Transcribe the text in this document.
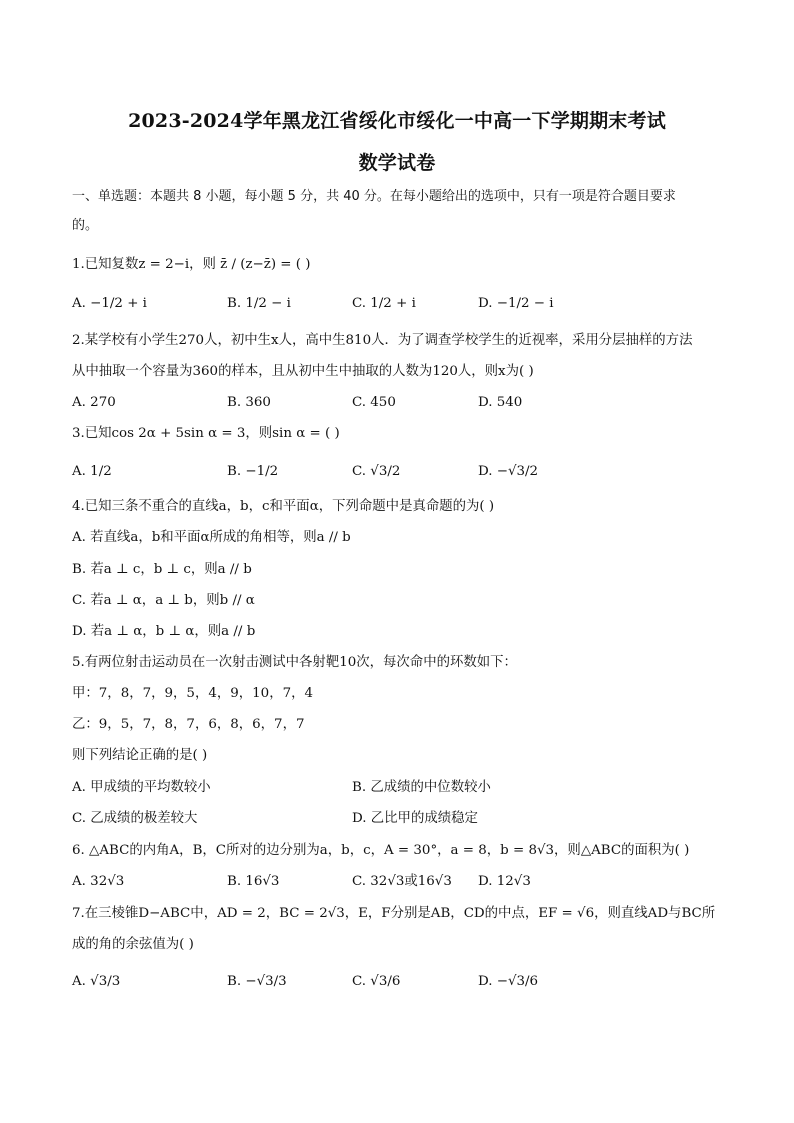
2023-2024学年黑龙江省绥化市绥化一中高一下学期期末考试
数学试卷
一、单选题：本题共 8 小题，每小题 5 分，共 40 分。在每小题给出的选项中，只有一项是符合题目要求
的。
1.已知复数z = 2−i，则 z̄ / (z−z̄) = ( )
A. −1/2 + i	B. 1/2 − i	C. 1/2 + i	D. −1/2 − i
2.某学校有小学生270人，初中生x人，高中生810人．为了调查学校学生的近视率，采用分层抽样的方法
从中抽取一个容量为360的样本，且从初中生中抽取的人数为120人，则x为( )
A. 270	B. 360	C. 450	D. 540
3.已知cos 2α + 5sin α = 3，则sin α = ( )
A. 1/2	B. −1/2	C. √3/2	D. −√3/2
4.已知三条不重合的直线a，b，c和平面α，下列命题中是真命题的为( )
A. 若直线a，b和平面α所成的角相等，则a // b
B. 若a ⊥ c，b ⊥ c，则a // b
C. 若a ⊥ α，a ⊥ b，则b // α
D. 若a ⊥ α，b ⊥ α，则a // b
5.有两位射击运动员在一次射击测试中各射靶10次，每次命中的环数如下：
甲：7，8，7，9，5，4，9，10，7，4
乙：9，5，7，8，7，6，8，6，7，7
则下列结论正确的是( )
A. 甲成绩的平均数较小	B. 乙成绩的中位数较小
C. 乙成绩的极差较大	D. 乙比甲的成绩稳定
6. △ABC的内角A，B，C所对的边分别为a，b，c，A = 30°，a = 8，b = 8√3，则△ABC的面积为( )
A. 32√3	B. 16√3	C. 32√3或16√3 D. 12√3
7.在三棱锥D−ABC中，AD = 2，BC = 2√3，E，F分别是AB，CD的中点，EF = √6，则直线AD与BC所
成的角的余弦值为( )
A. √3/3	B. −√3/3	C. √3/6	D. −√3/6
